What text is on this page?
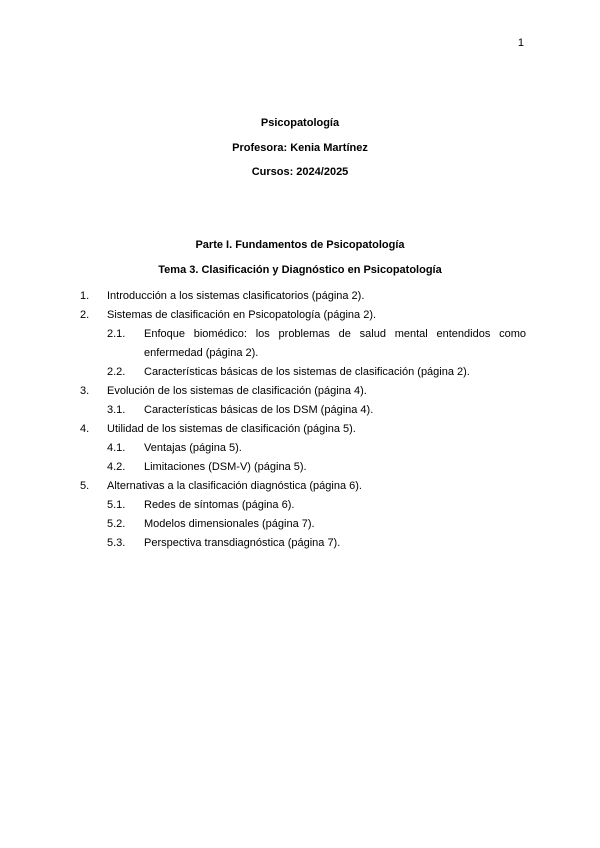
1
Psicopatología
Profesora: Kenia Martínez
Cursos: 2024/2025
Parte I. Fundamentos de Psicopatología
Tema 3. Clasificación y Diagnóstico en Psicopatología
1. Introducción a los sistemas clasificatorios (página 2).
2. Sistemas de clasificación en Psicopatología (página 2).
2.1. Enfoque biomédico: los problemas de salud mental entendidos como
enfermedad (página 2).
2.2. Características básicas de los sistemas de clasificación (página 2).
3. Evolución de los sistemas de clasificación (página 4).
3.1. Características básicas de los DSM (página 4).
4. Utilidad de los sistemas de clasificación (página 5).
4.1. Ventajas (página 5).
4.2. Limitaciones (DSM-V) (página 5).
5. Alternativas a la clasificación diagnóstica (página 6).
5.1. Redes de síntomas (página 6).
5.2. Modelos dimensionales (página 7).
5.3. Perspectiva transdiagnóstica (página 7).
